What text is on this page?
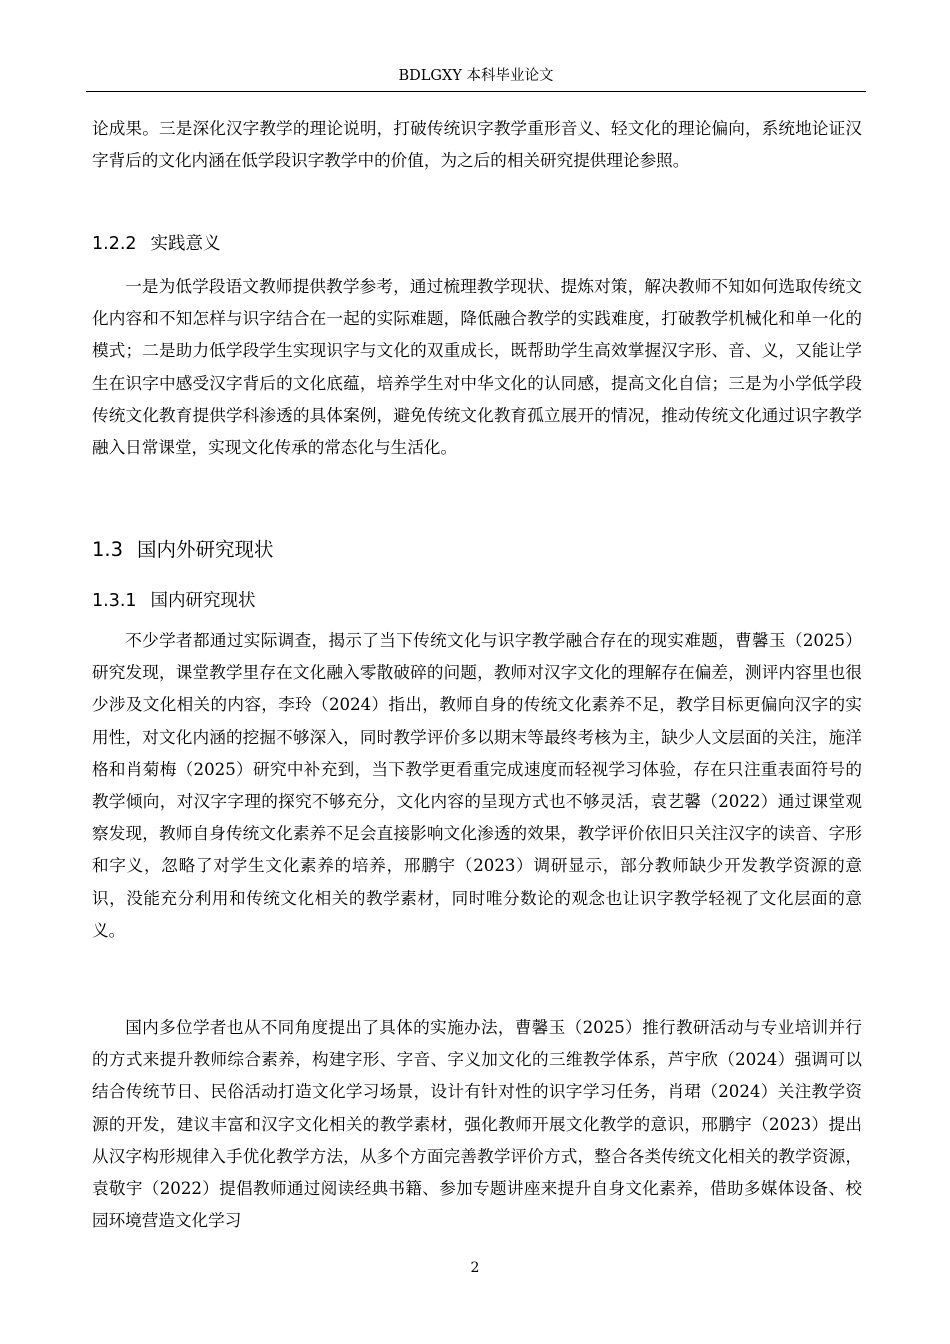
BDLGXY 本科毕业论文

论成果。三是深化汉字教学的理论说明，打破传统识字教学重形音义、轻文化的理论偏向，系统地论证汉字背后的文化内涵在低学段识字教学中的价值，为之后的相关研究提供理论参照。

1.2.2 实践意义

一是为低学段语文教师提供教学参考，通过梳理教学现状、提炼对策，解决教师不知如何选取传统文化内容和不知怎样与识字结合在一起的实际难题，降低融合教学的实践难度，打破教学机械化和单一化的模式；二是助力低学段学生实现识字与文化的双重成长，既帮助学生高效掌握汉字形、音、义，又能让学生在识字中感受汉字背后的文化底蕴，培养学生对中华文化的认同感，提高文化自信；三是为小学低学段传统文化教育提供学科渗透的具体案例，避免传统文化教育孤立展开的情况，推动传统文化通过识字教学融入日常课堂，实现文化传承的常态化与生活化。

1.3 国内外研究现状
1.3.1 国内研究现状

不少学者都通过实际调查，揭示了当下传统文化与识字教学融合存在的现实难题，曹馨玉（2025）研究发现，课堂教学里存在文化融入零散破碎的问题，教师对汉字文化的理解存在偏差，测评内容里也很少涉及文化相关的内容，李玲（2024）指出，教师自身的传统文化素养不足，教学目标更偏向汉字的实用性，对文化内涵的挖掘不够深入，同时教学评价多以期末等最终考核为主，缺少人文层面的关注，施洋格和肖菊梅（2025）研究中补充到，当下教学更看重完成速度而轻视学习体验，存在只注重表面符号的教学倾向，对汉字字理的探究不够充分，文化内容的呈现方式也不够灵活，袁艺馨（2022）通过课堂观察发现，教师自身传统文化素养不足会直接影响文化渗透的效果，教学评价依旧只关注汉字的读音、字形和字义，忽略了对学生文化素养的培养，邢鹏宇（2023）调研显示，部分教师缺少开发教学资源的意识，没能充分利用和传统文化相关的教学素材，同时唯分数论的观念也让识字教学轻视了文化层面的意义。

国内多位学者也从不同角度提出了具体的实施办法，曹馨玉（2025）推行教研活动与专业培训并行的方式来提升教师综合素养，构建字形、字音、字义加文化的三维教学体系，芦宇欣（2024）强调可以结合传统节日、民俗活动打造文化学习场景，设计有针对性的识字学习任务，肖珺（2024）关注教学资源的开发，建议丰富和汉字文化相关的教学素材，强化教师开展文化教学的意识，邢鹏宇（2023）提出从汉字构形规律入手优化教学方法，从多个方面完善教学评价方式，整合各类传统文化相关的教学资源，袁敬宇（2022）提倡教师通过阅读经典书籍、参加专题讲座来提升自身文化素养，借助多媒体设备、校园环境营造文化学习

2
